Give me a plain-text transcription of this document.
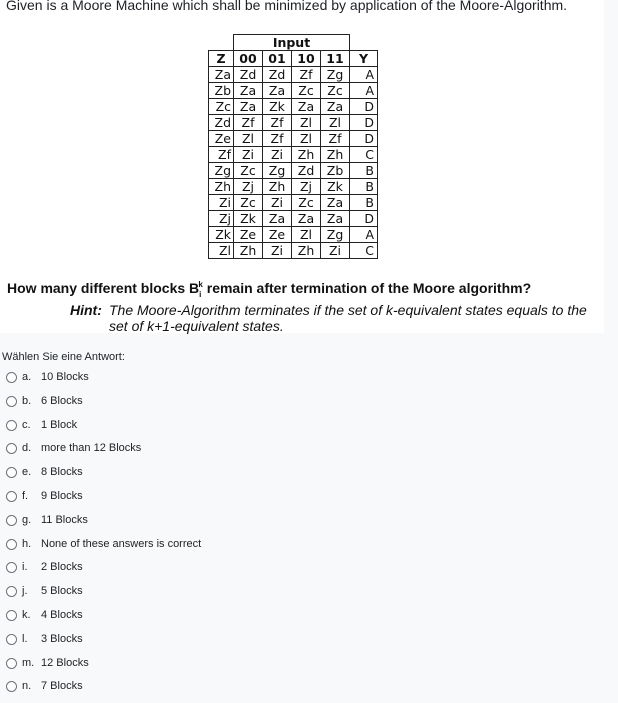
Given is a Moore Machine which shall be minimized by application of the Moore-Algorithm.

	Input				
Z	00	01	10	11	Y
Za	Zd	Zd	Zf	Zg	A
Zb	Za	Za	Zc	Zc	A
Zc	Za	Zk	Za	Za	D
Zd	Zf	Zf	Zl	Zl	D
Ze	Zl	Zf	Zl	Zf	D
Zf	Zi	Zi	Zh	Zh	C
Zg	Zc	Zg	Zd	Zb	B
Zh	Zj	Zh	Zj	Zk	B
Zi	Zc	Zi	Zc	Za	B
Zj	Zk	Za	Za	Za	D
Zk	Ze	Ze	Zl	Zg	A
Zl	Zh	Zi	Zh	Zi	C

How many different blocks $B_i^k$ remain after termination of the Moore algorithm?

Hint: The Moore-Algorithm terminates if the set of k-equivalent states equals to the set of k+1-equivalent states.
Wählen Sie eine Antwort:
a. 10 Blocks
b. 6 Blocks
c. 1 Block
d. more than 12 Blocks
e. 8 Blocks
f. 9 Blocks
g. 11 Blocks
h. None of these answers is correct
i. 2 Blocks
j. 5 Blocks
k. 4 Blocks
l. 3 Blocks
m. 12 Blocks
n. 7 Blocks
